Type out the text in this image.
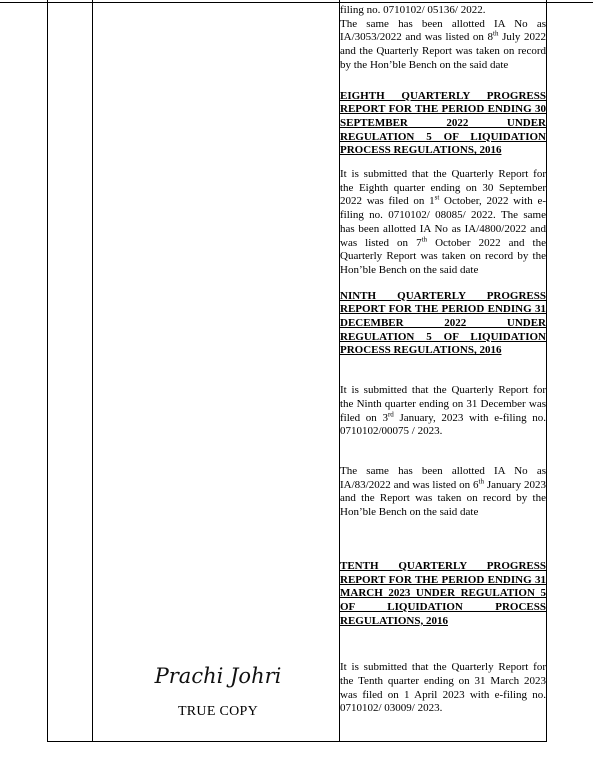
filing no. 0710102/ 05136/ 2022.
The same has been allotted IA No as IA/3053/2022 and was listed on 8th July 2022 and the Quarterly Report was taken on record by the Hon’ble Bench on the said date

EIGHTH QUARTERLY PROGRESS REPORT FOR THE PERIOD ENDING 30 SEPTEMBER 2022 UNDER REGULATION 5 OF LIQUIDATION PROCESS REGULATIONS, 2016

It is submitted that the Quarterly Report for the Eighth quarter ending on 30 September 2022 was filed on 1st October, 2022 with e-filing no. 0710102/ 08085/ 2022. The same has been allotted IA No as IA/4800/2022 and was listed on 7th October 2022 and the Quarterly Report was taken on record by the Hon’ble Bench on the said date

NINTH QUARTERLY PROGRESS REPORT FOR THE PERIOD ENDING 31 DECEMBER 2022 UNDER REGULATION 5 OF LIQUIDATION PROCESS REGULATIONS, 2016

It is submitted that the Quarterly Report for the Ninth quarter ending on 31 December was filed on 3rd January, 2023 with e-filing no. 0710102/00075 / 2023.

The same has been allotted IA No as IA/83/2022 and was listed on 6th January 2023 and the Report was taken on record by the Hon’ble Bench on the said date

TENTH QUARTERLY PROGRESS REPORT FOR THE PERIOD ENDING 31 MARCH 2023 UNDER REGULATION 5 OF LIQUIDATION PROCESS REGULATIONS, 2016

It is submitted that the Quarterly Report for the Tenth quarter ending on 31 March 2023 was filed on 1 April 2023 with e-filing no. 0710102/ 03009/ 2023.

Prachi Johri
TRUE COPY
